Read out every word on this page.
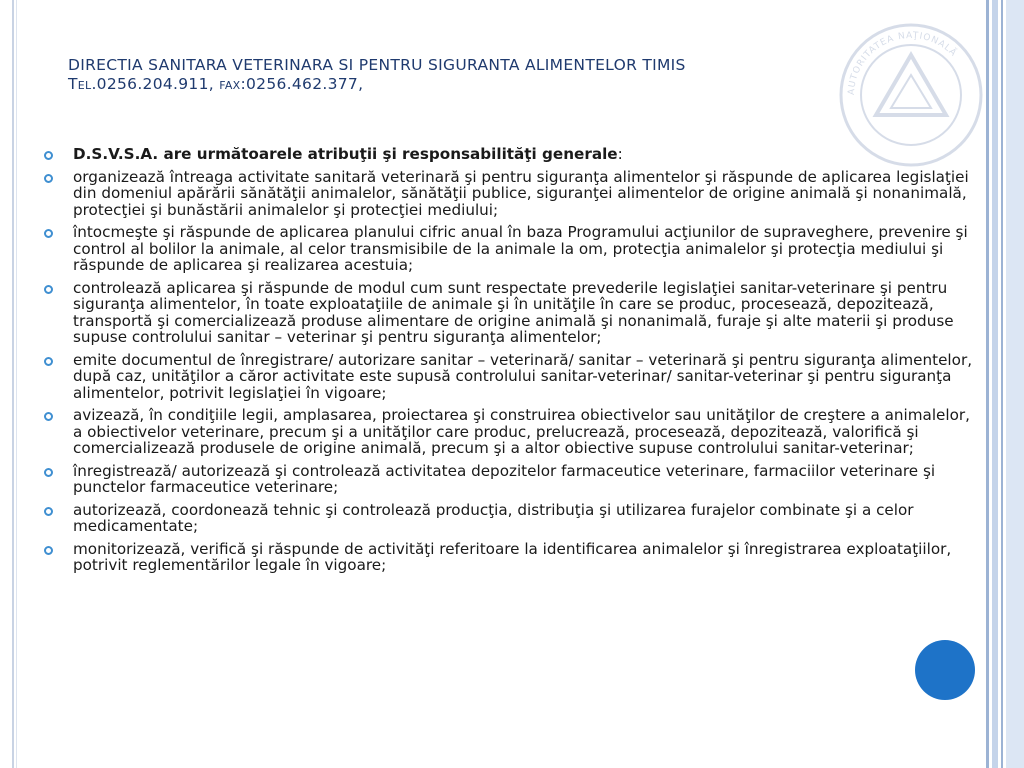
AUTORITATEA NAŢIONALĂ
DIRECTIA SANITARA VETERINARA SI PENTRU SIGURANTA ALIMENTELOR TIMIS
Tel.0256.204.911, fax:0256.462.377,
D.S.V.S.A. are următoarele atribuţii şi responsabilităţi generale:
organizează întreaga activitate sanitară veterinară şi pentru siguranţa alimentelor şi răspunde de aplicarea legislaţiei din domeniul apărării sănătăţii animalelor, sănătăţii publice, siguranţei alimentelor de origine animală şi nonanimală, protecţiei şi bunăstării animalelor şi protecţiei mediului;
întocmeşte şi răspunde de aplicarea planului cifric anual în baza Programului acţiunilor de supraveghere, prevenire şi control al bolilor la animale, al celor transmisibile de la animale la om, protecţia animalelor şi protecţia mediului şi răspunde de aplicarea şi realizarea acestuia;
controlează aplicarea şi răspunde de modul cum sunt respectate prevederile legislaţiei sanitar-veterinare şi pentru siguranţa alimentelor, în toate exploataţiile de animale şi în unităţile în care se produc, procesează, depozitează, transportă şi comercializează produse alimentare de origine animală şi nonanimală, furaje şi alte materii şi produse supuse controlului sanitar – veterinar şi pentru siguranţa alimentelor;
emite documentul de înregistrare/ autorizare sanitar – veterinară/ sanitar – veterinară şi pentru siguranţa alimentelor, după caz, unităţilor a căror activitate este supusă controlului sanitar-veterinar/ sanitar-veterinar şi pentru siguranţa alimentelor, potrivit legislaţiei în vigoare;
avizează, în condiţiile legii, amplasarea, proiectarea şi construirea obiectivelor sau unităţilor de creştere a animalelor, a obiectivelor veterinare, precum şi a unităţilor care produc, prelucrează, procesează, depozitează, valorifică şi comercializează produsele de origine animală, precum şi a altor obiective supuse controlului sanitar-veterinar;
înregistrează/ autorizează şi controlează activitatea depozitelor farmaceutice veterinare, farmaciilor veterinare şi punctelor farmaceutice veterinare;
autorizează, coordonează tehnic şi controlează producţia, distribuţia şi utilizarea furajelor combinate şi a celor medicamentate;
monitorizează, verifică şi răspunde de activităţi referitoare la identificarea animalelor şi înregistrarea exploataţiilor, potrivit reglementărilor legale în vigoare;
